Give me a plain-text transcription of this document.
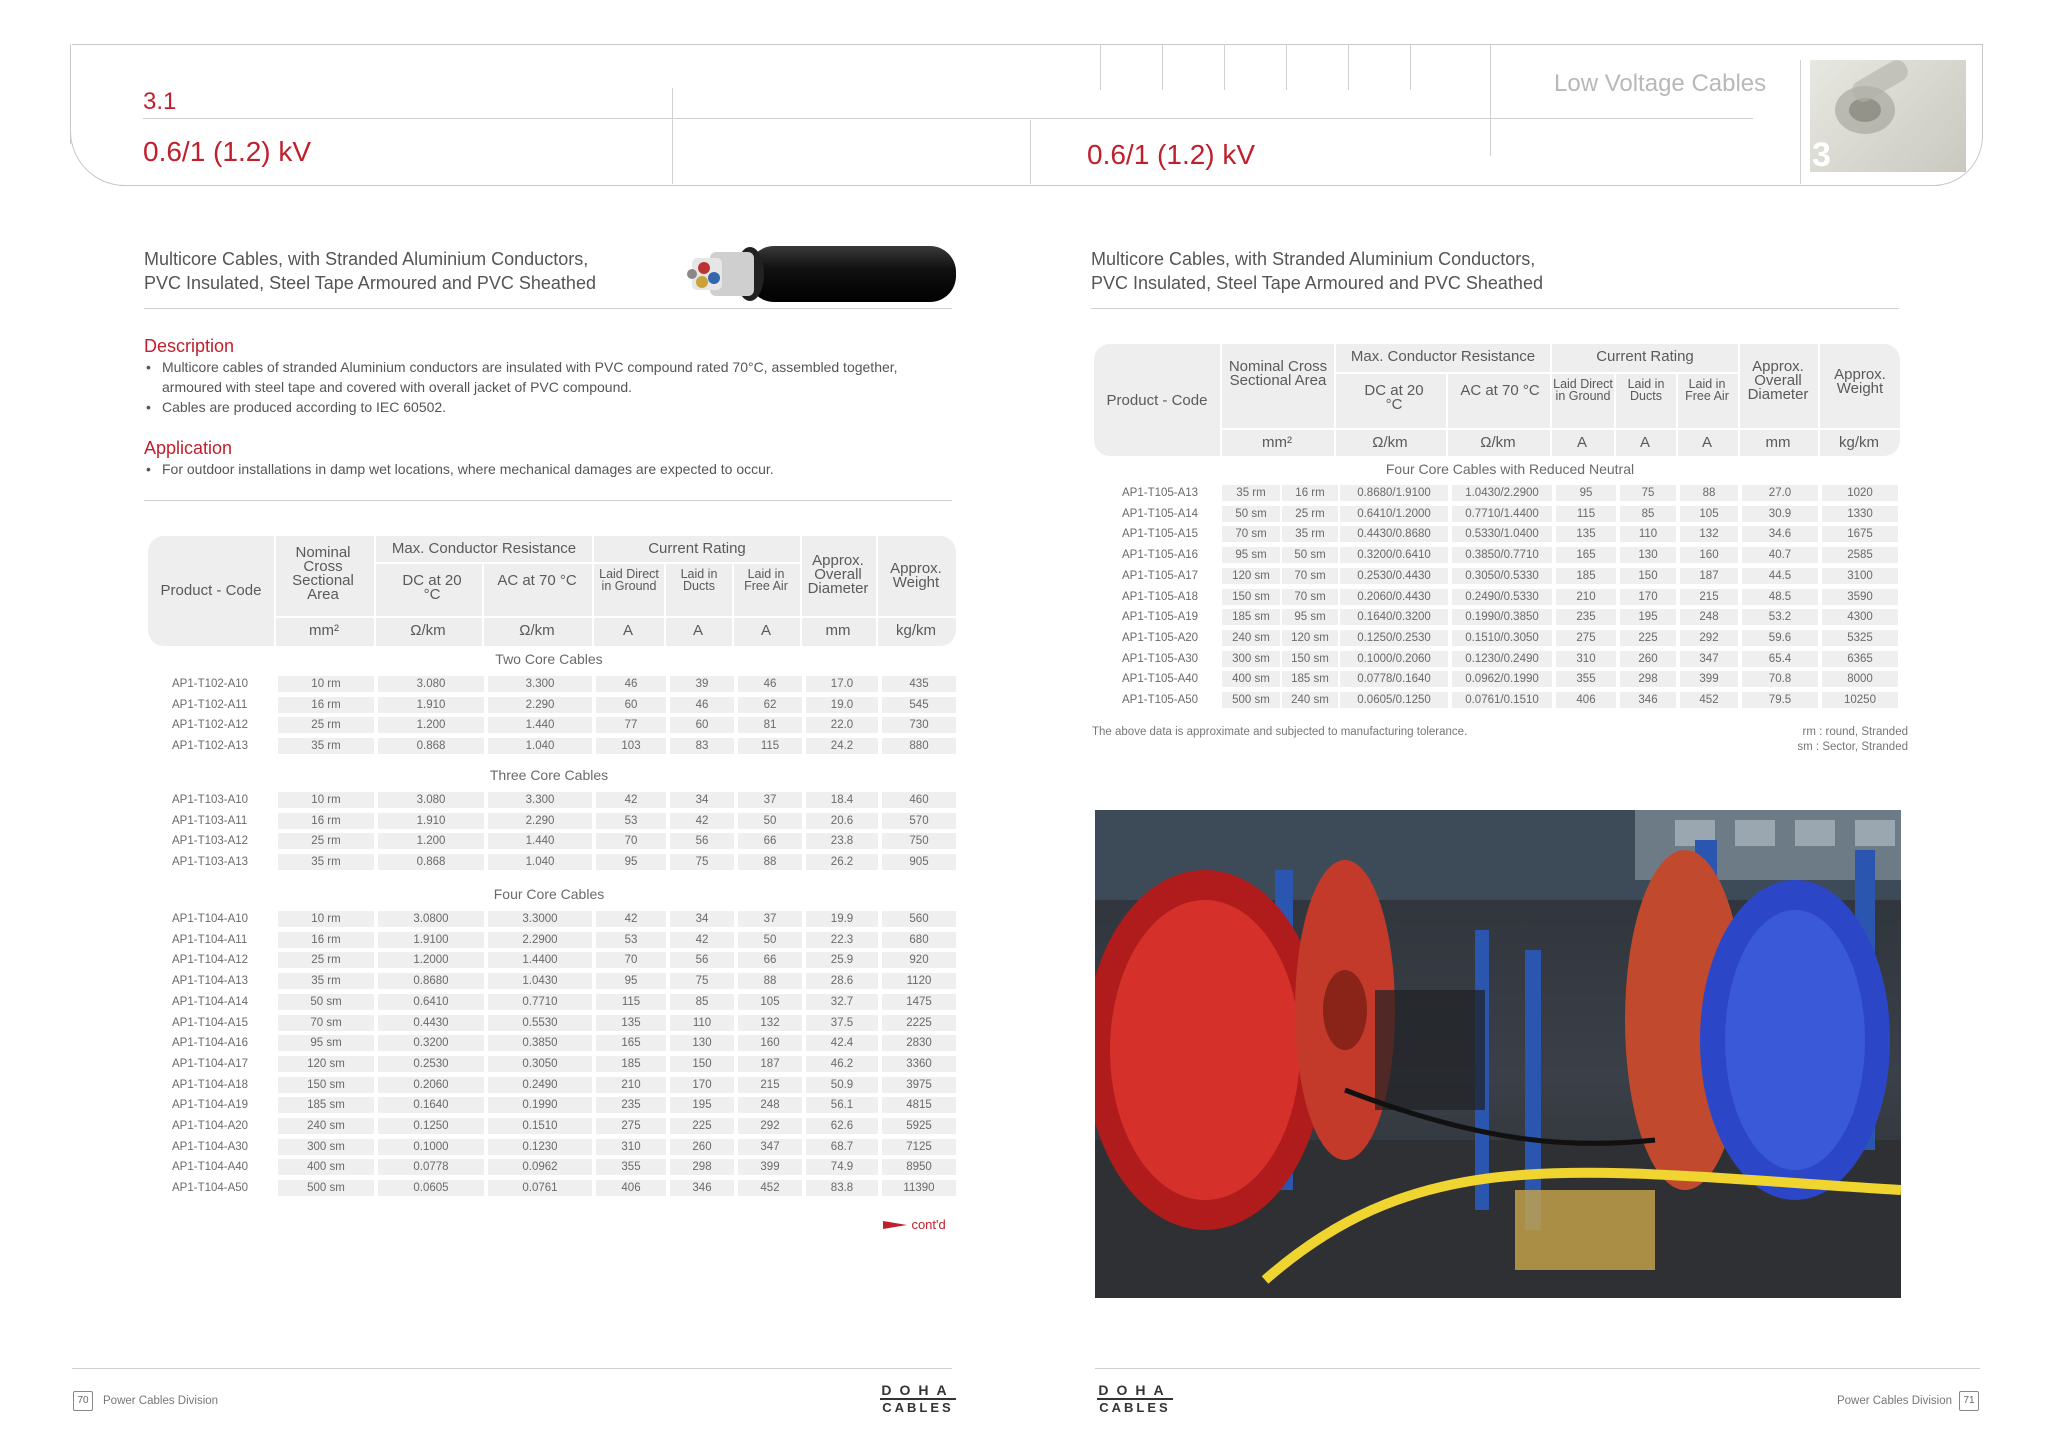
3.1
0.6/1 (1.2) kV	0.6/1 (1.2) kV
Low Voltage Cables
3
Multicore Cables, with Stranded Aluminium Conductors,
PVC Insulated, Steel Tape Armoured and PVC Sheathed
Description
• Multicore cables of stranded Aluminium conductors are insulated with PVC compound rated 70°C, assembled together, armoured with steel tape and covered with overall jacket of PVC compound.
• Cables are produced according to IEC 60502.
Application
• For outdoor installations in damp wet locations, where mechanical damages are expected to occur.
Product - Code
Nominal Cross Sectional Area
Max. Conductor Resistance
DC at 20 °C
AC at 70 °C
Current Rating
Laid Direct in Ground
Laid in Ducts
Laid in Free Air
Approx. Overall Diameter
Approx. Weight
mm²	Ω/km	Ω/km	A	A	A	mm	kg/km
Two Core Cables
AP1-T102-A10	10 rm	3.080	3.300	46	39	46	17.0	435
AP1-T102-A11	16 rm	1.910	2.290	60	46	62	19.0	545
AP1-T102-A12	25 rm	1.200	1.440	77	60	81	22.0	730
AP1-T102-A13	35 rm	0.868	1.040	103	83	115	24.2	880
Three Core Cables
AP1-T103-A10	10 rm	3.080	3.300	42	34	37	18.4	460
AP1-T103-A11	16 rm	1.910	2.290	53	42	50	20.6	570
AP1-T103-A12	25 rm	1.200	1.440	70	56	66	23.8	750
AP1-T103-A13	35 rm	0.868	1.040	95	75	88	26.2	905
Four Core Cables
AP1-T104-A10	10 rm	3.0800	3.3000	42	34	37	19.9	560
AP1-T104-A11	16 rm	1.9100	2.2900	53	42	50	22.3	680
AP1-T104-A12	25 rm	1.2000	1.4400	70	56	66	25.9	920
AP1-T104-A13	35 rm	0.8680	1.0430	95	75	88	28.6	1120
AP1-T104-A14	50 sm	0.6410	0.7710	115	85	105	32.7	1475
AP1-T104-A15	70 sm	0.4430	0.5530	135	110	132	37.5	2225
AP1-T104-A16	95 sm	0.3200	0.3850	165	130	160	42.4	2830
AP1-T104-A17	120 sm	0.2530	0.3050	185	150	187	46.2	3360
AP1-T104-A18	150 sm	0.2060	0.2490	210	170	215	50.9	3975
AP1-T104-A19	185 sm	0.1640	0.1990	235	195	248	56.1	4815
AP1-T104-A20	240 sm	0.1250	0.1510	275	225	292	62.6	5925
AP1-T104-A30	300 sm	0.1000	0.1230	310	260	347	68.7	7125
AP1-T104-A40	400 sm	0.0778	0.0962	355	298	399	74.9	8950
AP1-T104-A50	500 sm	0.0605	0.0761	406	346	452	83.8	11390
cont'd
Multicore Cables, with Stranded Aluminium Conductors,
PVC Insulated, Steel Tape Armoured and PVC Sheathed
Product - Code
Nominal Cross Sectional Area
Max. Conductor Resistance
DC at 20 °C
AC at 70 °C
Current Rating
Laid Direct in Ground
Laid in Ducts
Laid in Free Air
Approx. Overall Diameter
Approx. Weight
mm²	Ω/km	Ω/km	A	A	A	mm	kg/km
Four Core Cables with Reduced Neutral
AP1-T105-A13	35 rm	16 rm	0.8680/1.9100	1.0430/2.2900	95	75	88	27.0	1020
AP1-T105-A14	50 sm	25 rm	0.6410/1.2000	0.7710/1.4400	115	85	105	30.9	1330
AP1-T105-A15	70 sm	35 rm	0.4430/0.8680	0.5330/1.0400	135	110	132	34.6	1675
AP1-T105-A16	95 sm	50 sm	0.3200/0.6410	0.3850/0.7710	165	130	160	40.7	2585
AP1-T105-A17	120 sm	70 sm	0.2530/0.4430	0.3050/0.5330	185	150	187	44.5	3100
AP1-T105-A18	150 sm	70 sm	0.2060/0.4430	0.2490/0.5330	210	170	215	48.5	3590
AP1-T105-A19	185 sm	95 sm	0.1640/0.3200	0.1990/0.3850	235	195	248	53.2	4300
AP1-T105-A20	240 sm	120 sm	0.1250/0.2530	0.1510/0.3050	275	225	292	59.6	5325
AP1-T105-A30	300 sm	150 sm	0.1000/0.2060	0.1230/0.2490	310	260	347	65.4	6365
AP1-T105-A40	400 sm	185 sm	0.0778/0.1640	0.0962/0.1990	355	298	399	70.8	8000
AP1-T105-A50	500 sm	240 sm	0.0605/0.1250	0.0761/0.1510	406	346	452	79.5	10250
The above data is approximate and subjected to manufacturing tolerance.	rm : round, Stranded
sm : Sector, Stranded
70	Power Cables Division	71
Power Cables Division
DOHA
CABLES
DOHA
CABLES
